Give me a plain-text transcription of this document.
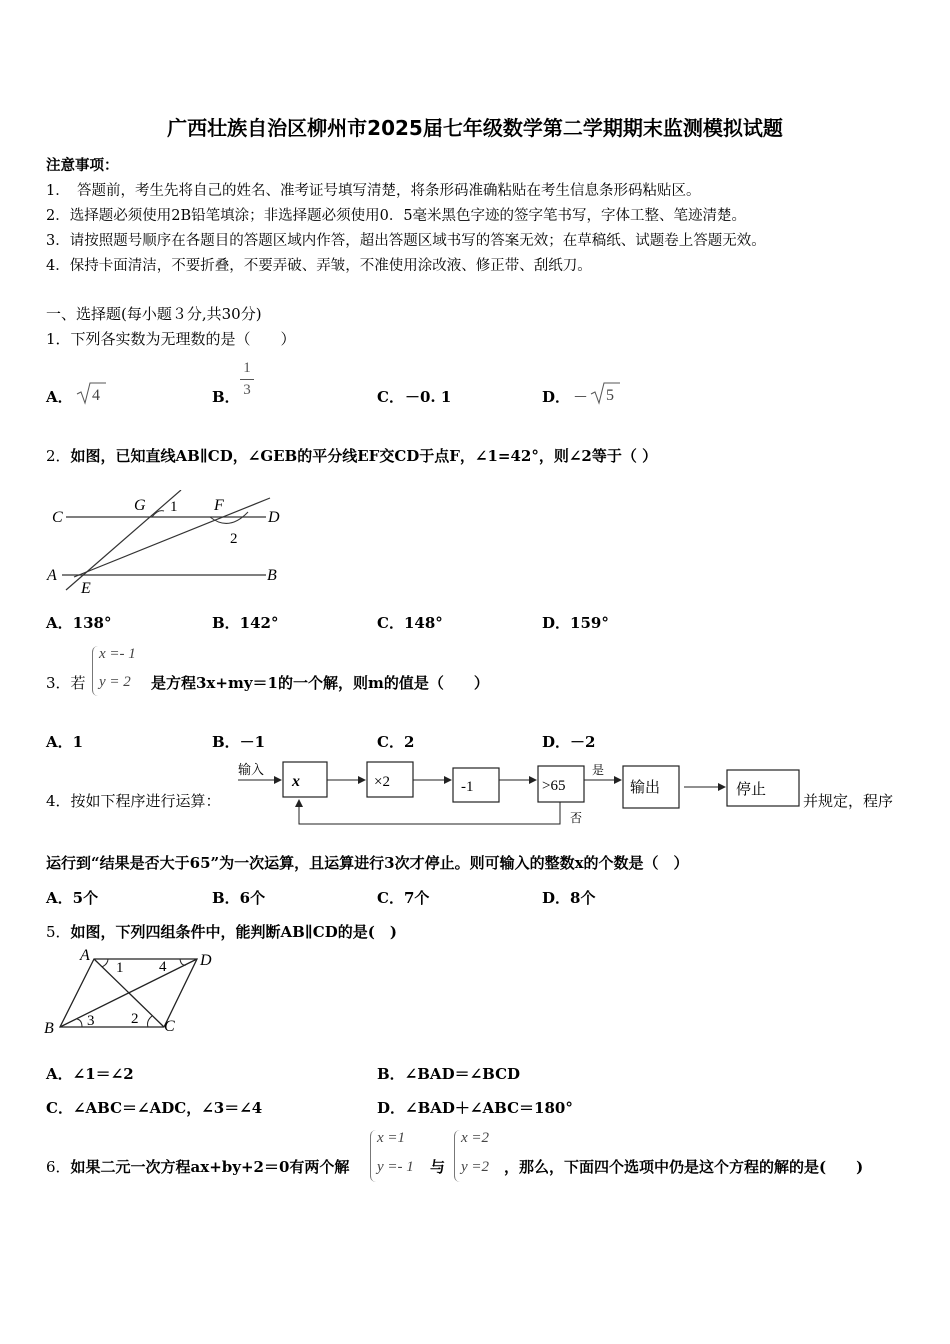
广西壮族自治区柳州市2025届七年级数学第二学期期末监测模拟试题
注意事项：
1．　答题前，考生先将自己的姓名、准考证号填写清楚，将条形码准确粘贴在考生信息条形码粘贴区。
2．选择题必须使用2B铅笔填涂；非选择题必须使用0．5毫米黑色字迹的签字笔书写，字体工整、笔迹清楚。
3．请按照题号顺序在各题目的答题区域内作答，超出答题区域书写的答案无效；在草稿纸、试题卷上答题无效。
4．保持卡面清洁，不要折叠，不要弄破、弄皱，不准使用涂改液、修正带、刮纸刀。
一、选择题(每小题３分,共30分)
1．下列各实数为无理数的是（　　）
A． 4	B．
1
3	C． －0. 1	D． － 5
2．如图，已知直线AB∥CD，∠GEB的平分线EF交CD于点F，∠1=42°，则∠2等于（ ）
C	D
A	B
G	F
E
1
2
A．138°	B．142°	C．148°	D．159°
3．若
x =- 1
y = 2 是方程3x+my＝1的一个解，则m的值是（　　）
A．1	B．－1	C．2	D．－2
4．按如下程序进行运算：
输入
x	×2	-1	>65
是
输出	停止
否
并规定，程序
运行到“结果是否大于65”为一次运算，且运算进行3次才停止。则可输入的整数x的个数是（　）
A．5个	B．6个	C．7个	D．8个
5．如图，下列四组条件中，能判断AB∥CD的是(　)
A	D
B	C
1 4
3 2
A．∠1＝∠2	B．∠BAD＝∠BCD
C．∠ABC＝∠ADC，∠3＝∠4	D．∠BAD＋∠ABC＝180°
6．如果二元一次方程ax+by+2＝0有两个解
x =1
y =- 1 与
x =2
y =2 ，那么，下面四个选项中仍是这个方程的解的是(　　)
